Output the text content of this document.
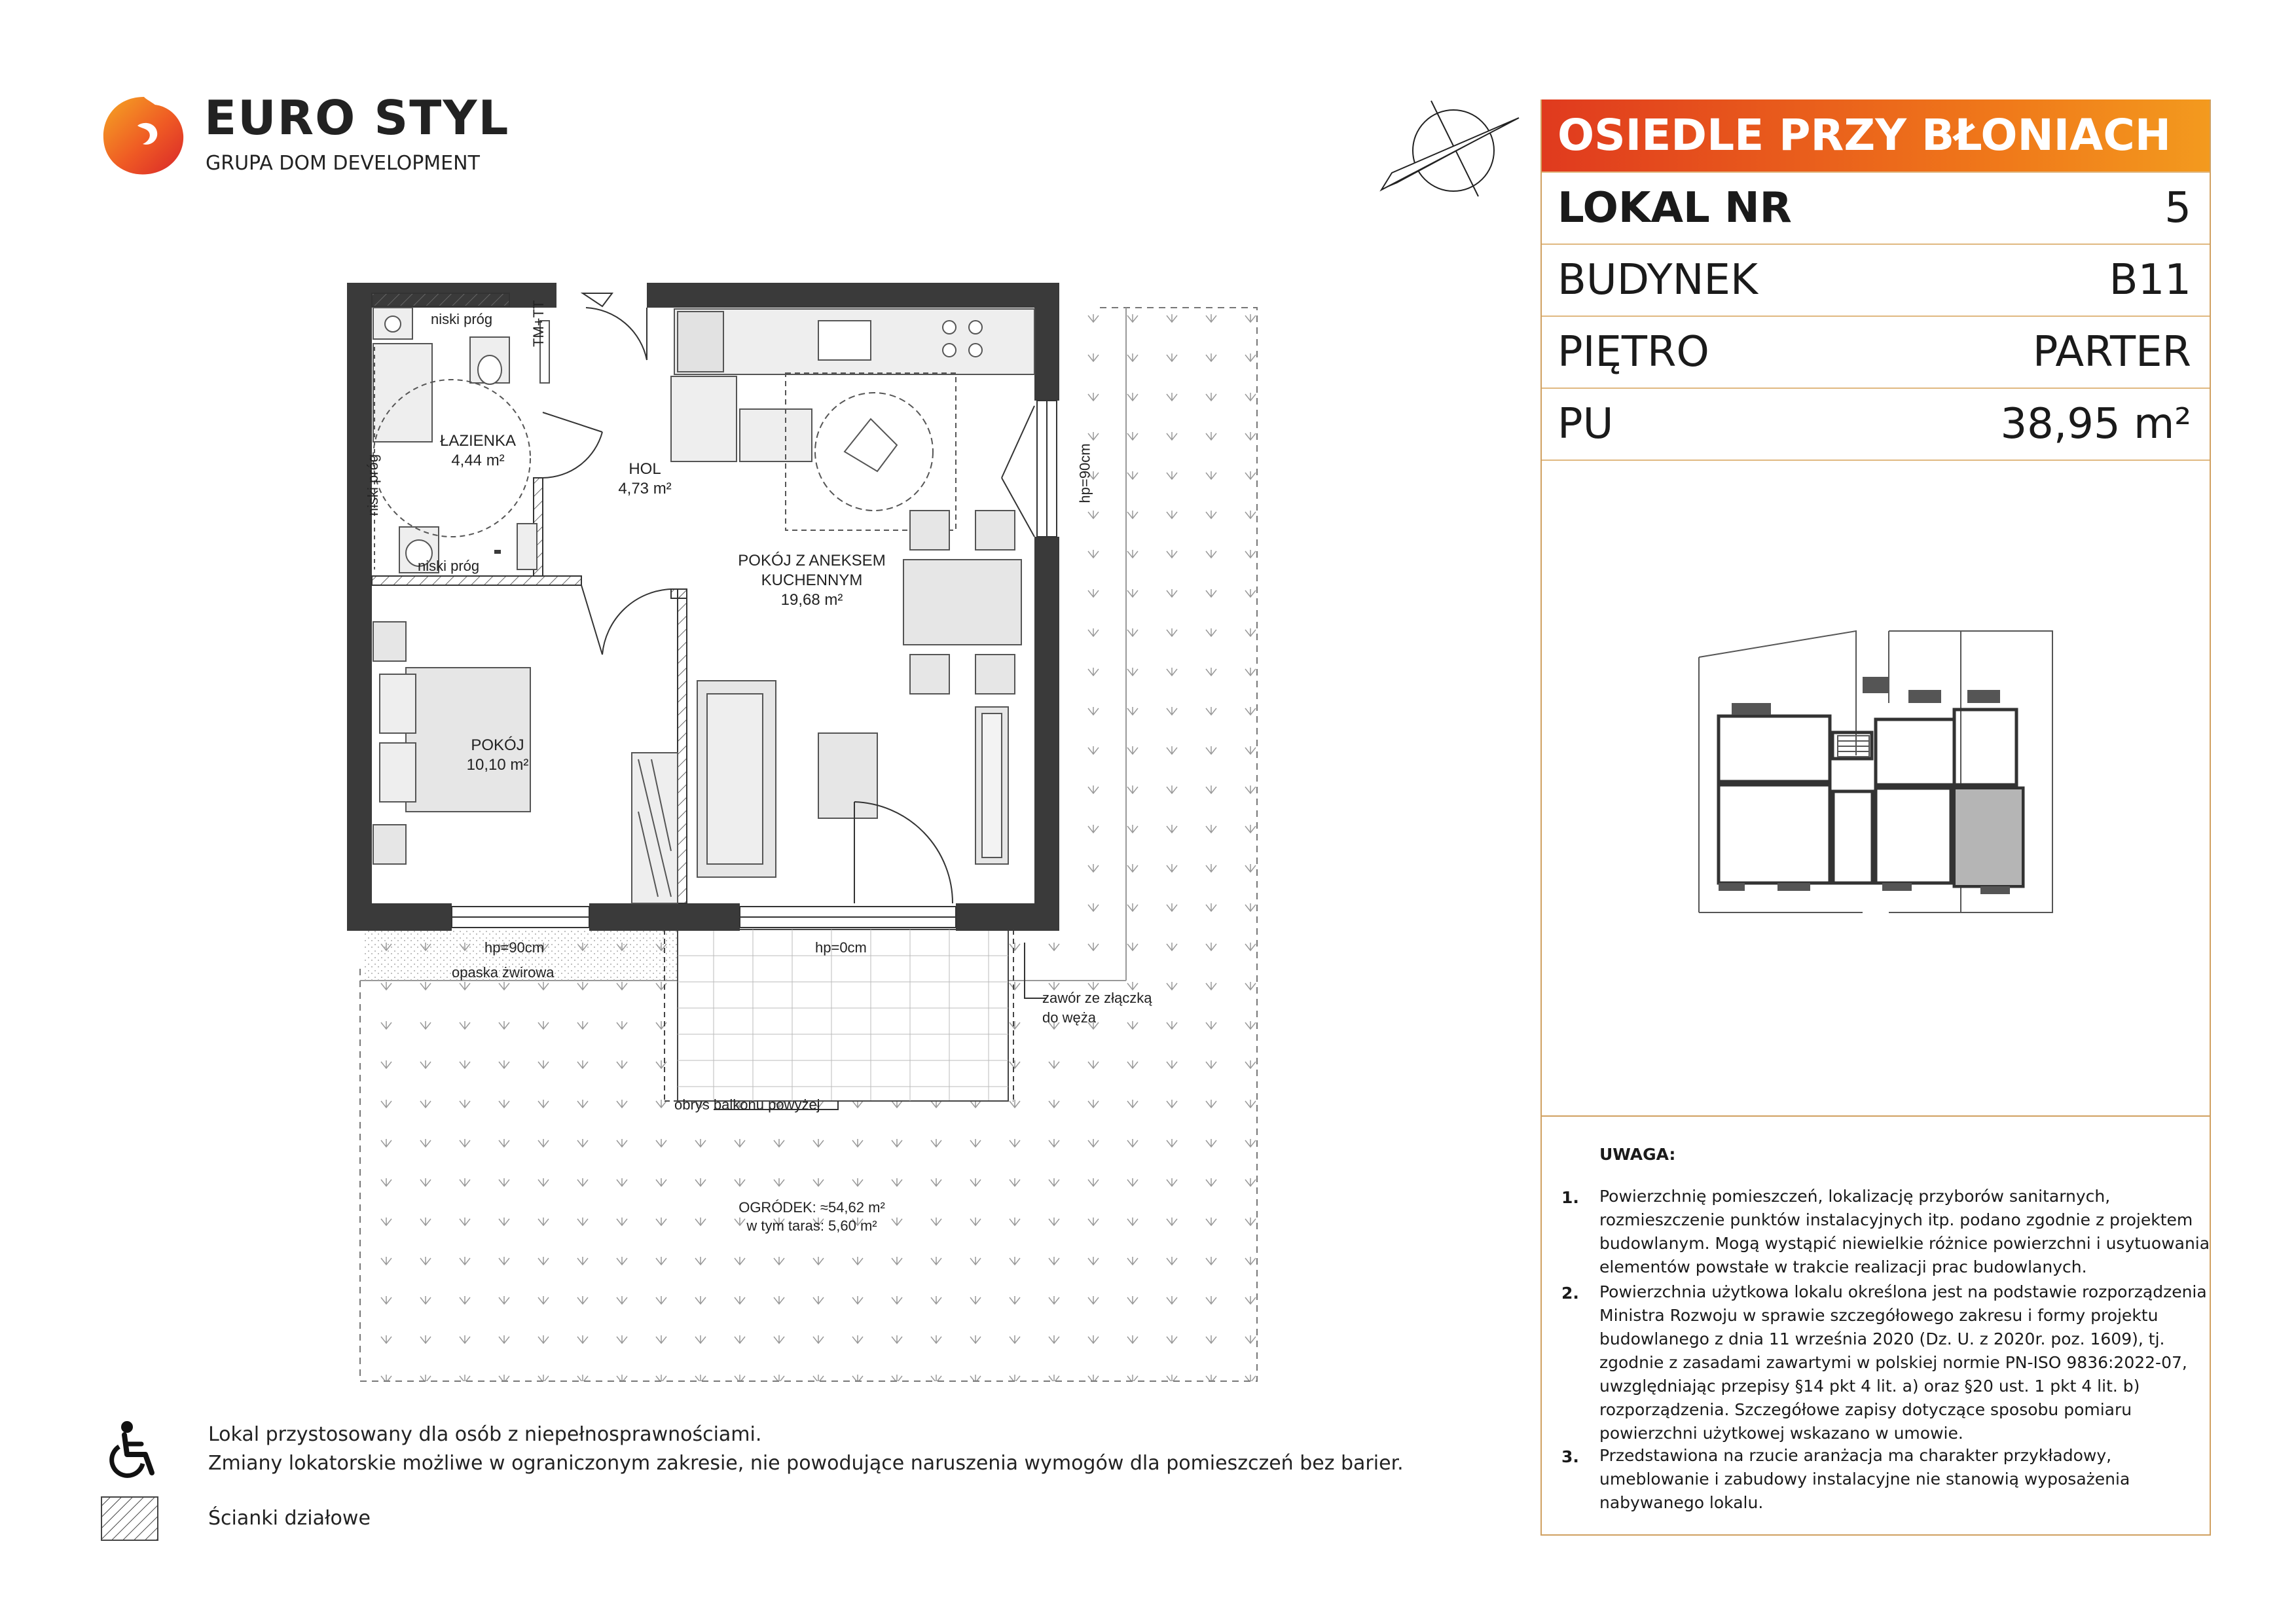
EURO STYL
GRUPA DOM DEVELOPMENT
OSIEDLE PRZY BŁONIACH
LOKAL NR	5
BUDYNEK	B11
PIĘTRO	PARTER
PU	38,95 m²
UWAGA:
1. Powierzchnię pomieszczeń, lokalizację przyborów sanitarnych,
rozmieszczenie punktów instalacyjnych itp. podano zgodnie z projektem
budowlanym. Mogą wystąpić niewielkie różnice powierzchni i usytuowania
elementów powstałe w trakcie realizacji prac budowlanych.
2. Powierzchnia użytkowa lokalu określona jest na podstawie rozporządzenia
Ministra Rozwoju w sprawie szczegółowego zakresu i formy projektu
budowlanego z dnia 11 września 2020 (Dz. U. z 2020r. poz. 1609), tj.
zgodnie z zasadami zawartymi w polskiej normie PN-ISO 9836:2022-07,
uwzględniając przepisy §14 pkt 4 lit. a) oraz §20 ust. 1 pkt 4 lit. b)
rozporządzenia. Szczegółowe zapisy dotyczące sposobu pomiaru
powierzchni użytkowej wskazano w umowie.
3. Przedstawiona na rzucie aranżacja ma charakter przykładowy,
umeblowanie i zabudowy instalacyjne nie stanowią wyposażenia
nabywanego lokalu.
ŁAZIENKA
4,44 m²	HOL
4,73 m²
POKÓJ Z ANEKSEM
KUCHENNYM
19,68 m²
POKÓJ
10,10 m²
niski próg
niski próg
niski próg
TM+TT
hp=90cm
hp=90cm
opaska żwirowa
hp=0cm
zawór ze złączką
do węża
obrys balkonu powyżej
OGRÓDEK: ≈54,62 m²
w tym taras: 5,60 m²
Lokal przystosowany dla osób z niepełnosprawnościami.
Zmiany lokatorskie możliwe w ograniczonym zakresie, nie powodujące naruszenia wymogów dla pomieszczeń bez barier.
Ścianki działowe
